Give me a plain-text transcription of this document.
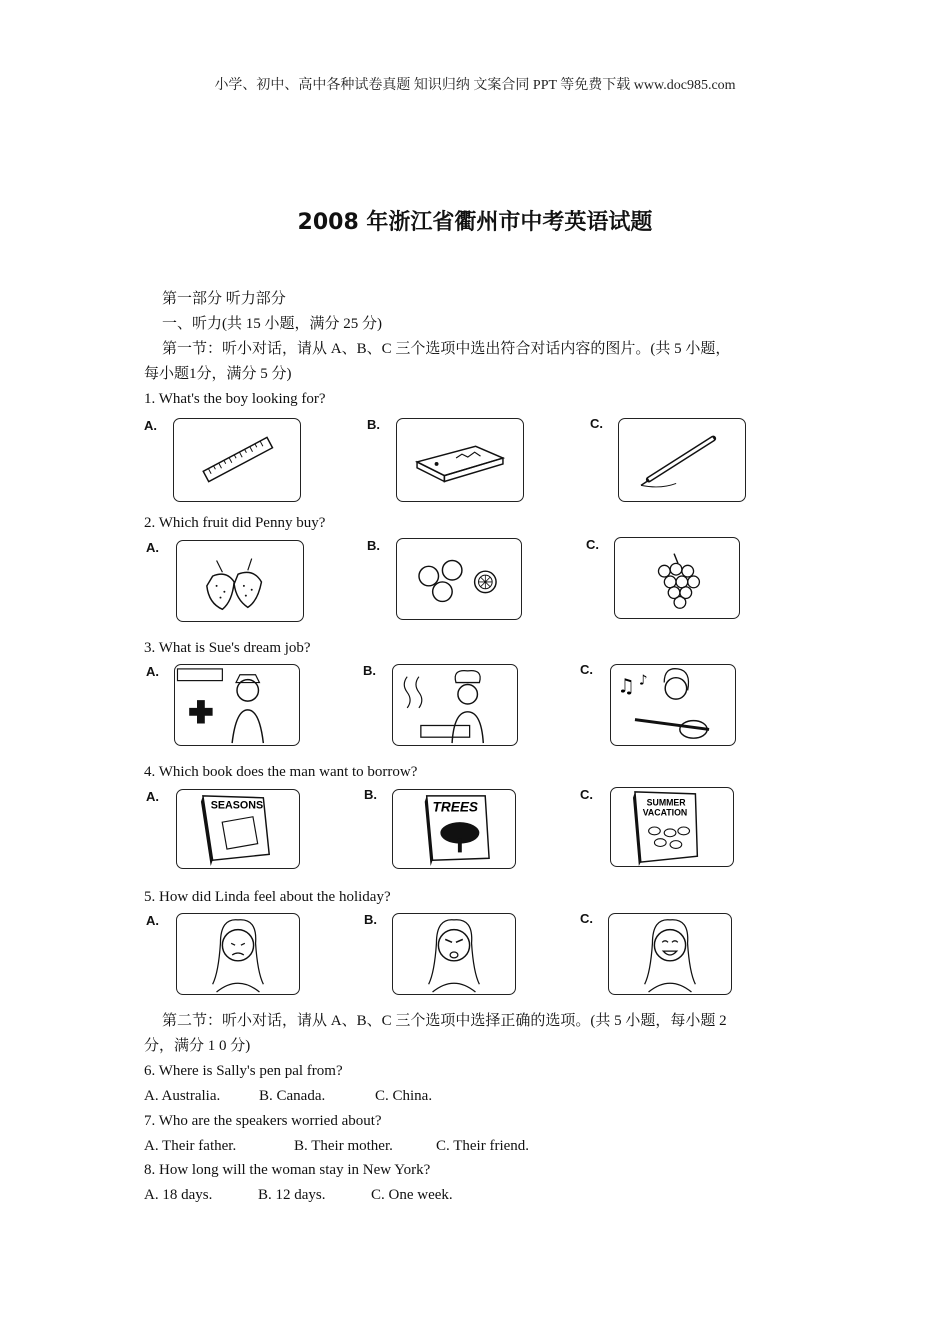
小学、初中、高中各种试卷真题 知识归纳 文案合同 PPT 等免费下载 www.doc985.com
2008 年浙江省衢州市中考英语试题
第一部分 听力部分
一、听力(共 15 小题，满分 25 分)
第一节：听小对话，请从 A、B、C 三个选项中选出符合对话内容的图片。(共 5 小题，
每小题1分，满分 5 分)
1. What's the boy looking for?
A.	B.	C.
2. Which fruit did Penny buy?
A.	B.	C.
3. What is Sue's dream job?
A.	B.	C.
♫ ♪
4. Which book does the man want to borrow?
A.	B.	C.
SEASONS	TREES	SUMMER
VACATION
5. How did Linda feel about the holiday?
A.	B.	C.
第二节：听小对话，请从 A、B、C 三个选项中选择正确的选项。(共 5 小题，每小题 2
分，满分 1 0 分)
6. Where is Sally's pen pal from?
A. Australia.	B. Canada.	C. China.
7. Who are the speakers worried about?
A. Their father.	B. Their mother.	C. Their friend.
8. How long will the woman stay in New York?
A. 18 days.	B. 12 days.	C. One week.
